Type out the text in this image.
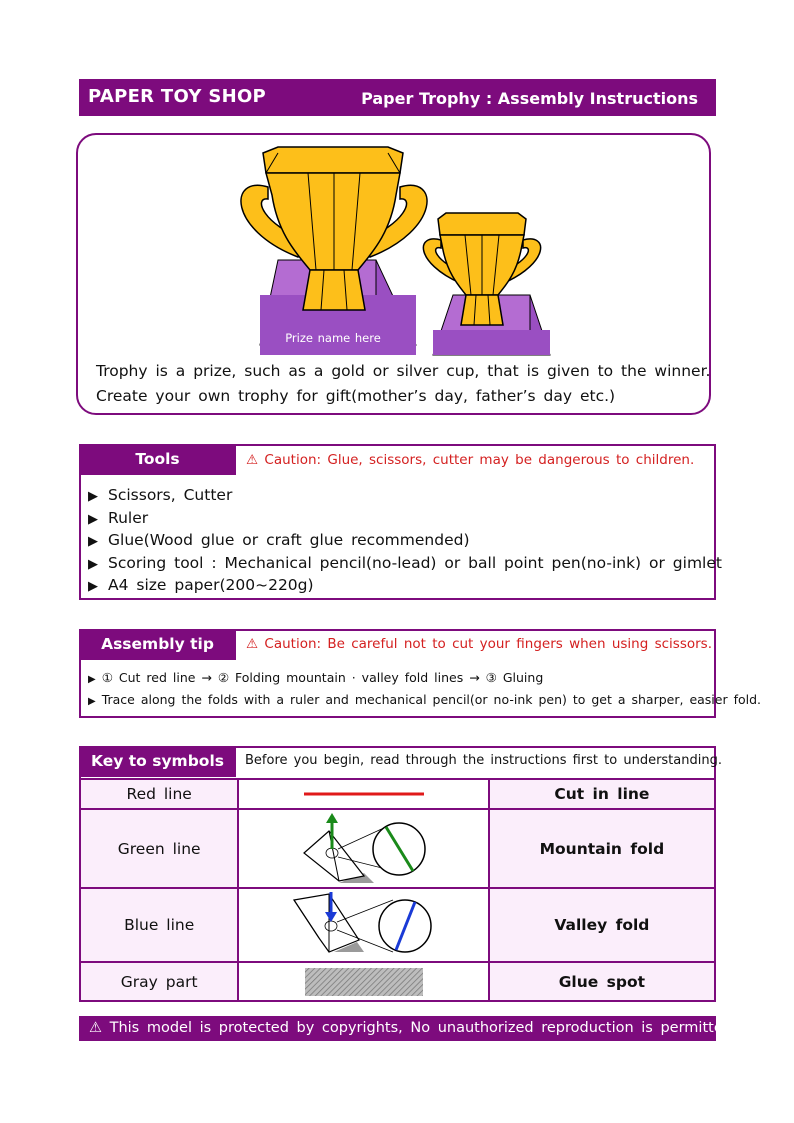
PAPER TOY SHOP	Paper Trophy : Assembly Instructions
Prize name here
Trophy is a prize, such as a gold or silver cup, that is given to the winner.
Create your own trophy for gift(mother’s day, father’s day etc.)
Tools	⚠ Caution: Glue, scissors, cutter may be dangerous to children.
▶ Scissors, Cutter
▶ Ruler
▶ Glue(Wood glue or craft glue recommended)
▶ Scoring tool : Mechanical pencil(no-lead) or ball point pen(no-ink) or gimlet
▶ A4 size paper(200~220g)
Assembly tip	⚠ Caution: Be careful not to cut your fingers when using scissors.
▶ ① Cut red line → ② Folding mountain · valley fold lines → ③ Gluing
▶ Trace along the folds with a ruler and mechanical pencil(or no-ink pen) to get a sharper, easier fold.
Key to symbols	Before you begin, read through the instructions first to understanding.
Red line		Cut in line
Green line		Mountain fold
Blue line		Valley fold
Gray part		Glue spot
⚠ This model is protected by copyrights, No unauthorized reproduction is permitted.
